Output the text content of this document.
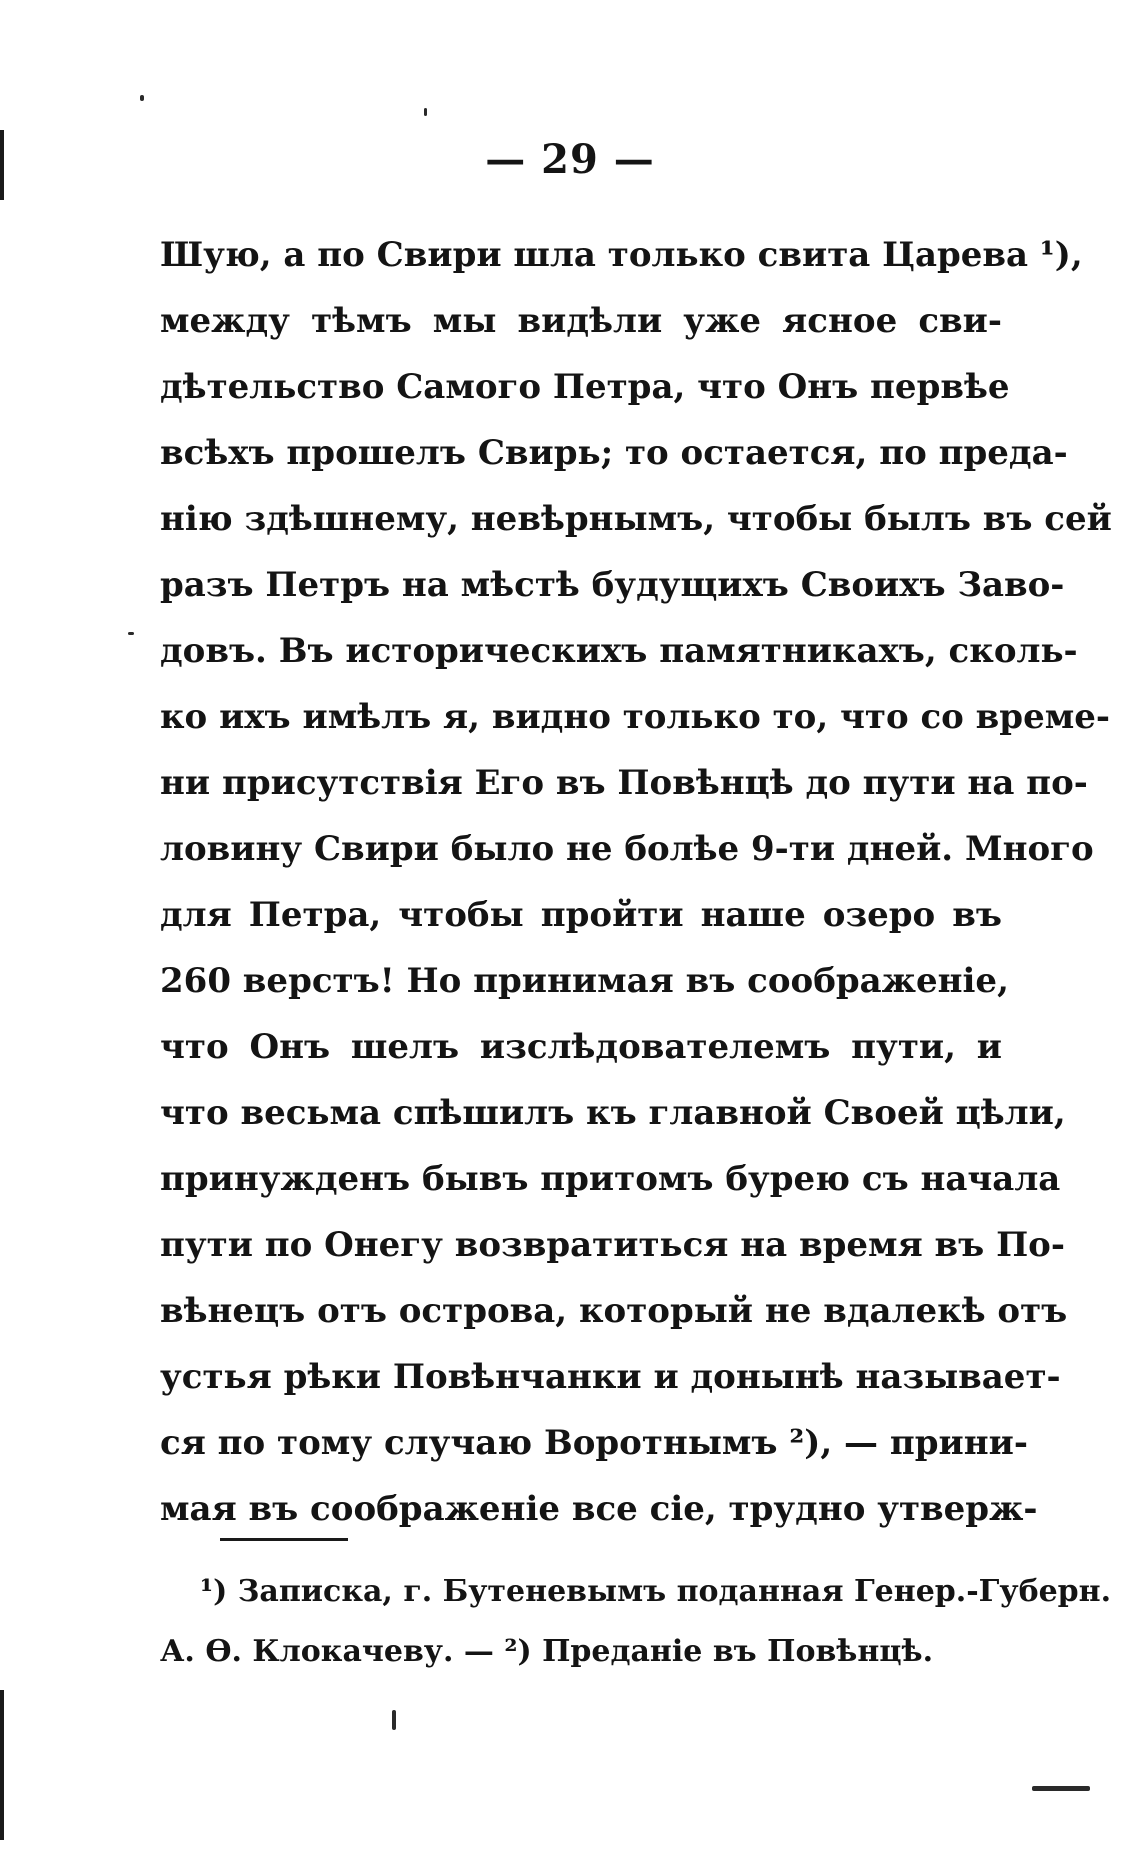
— 29 —
Шую, а по Свири шла только свита Царева ¹),
между тѣмъ мы видѣли уже ясное сви-
дѣтельство Самого Петра, что Онъ первѣе
всѣхъ прошелъ Свирь; то остается, по преда-
нію здѣшнему, невѣрнымъ, чтобы былъ въ сей
разъ Петръ на мѣстѣ будущихъ Своихъ Заво-
довъ. Въ историческихъ памятникахъ, сколь-
ко ихъ имѣлъ я, видно только то, что со време-
ни присутствія Его въ Повѣнцѣ до пути на по-
ловину Свири было не болѣе 9-ти дней. Много
для Петра, чтобы пройти наше озеро въ
260 верстъ! Но принимая въ соображеніе,
что Онъ шелъ изслѣдователемъ пути, и
что весьма спѣшилъ къ главной Своей цѣли,
принужденъ бывъ притомъ бурею съ начала
пути по Онегу возвратиться на время въ По-
вѣнецъ отъ острова, который не вдалекѣ отъ
устья рѣки Повѣнчанки и донынѣ называет-
ся по тому случаю Воротнымъ ²), — прини-
мая въ соображеніе все сіе, трудно утверж-
¹) Записка, г. Бутеневымъ поданная Генер.-Губерн.
А. Ѳ. Клокачеву. — ²) Преданіе въ Повѣнцѣ.
